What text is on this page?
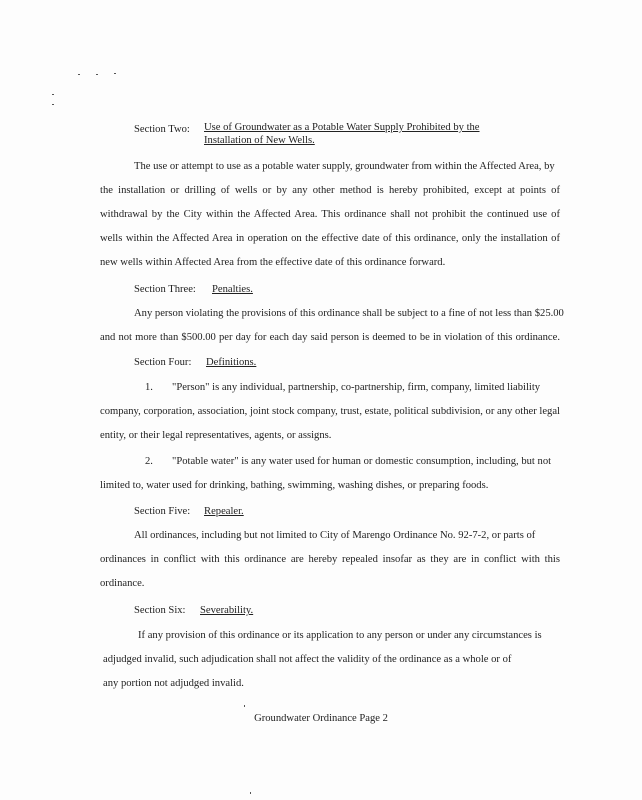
Section Two: Use of Groundwater as a Potable Water Supply Prohibited by the
Installation of New Wells.
The use or attempt to use as a potable water supply, groundwater from within the Affected Area, by
the installation or drilling of wells or by any other method is hereby prohibited, except at points of
withdrawal by the City within the Affected Area. This ordinance shall not prohibit the continued use of
wells within the Affected Area in operation on the effective date of this ordinance, only the installation of
new wells within Affected Area from the effective date of this ordinance forward.
Section Three: Penalties.
Any person violating the provisions of this ordinance shall be subject to a fine of not less than $25.00
and not more than $500.00 per day for each day said person is deemed to be in violation of this ordinance.
Section Four: Definitions.
1. "Person" is any individual, partnership, co-partnership, firm, company, limited liability
company, corporation, association, joint stock company, trust, estate, political subdivision, or any other legal
entity, or their legal representatives, agents, or assigns.
2. "Potable water" is any water used for human or domestic consumption, including, but not
limited to, water used for drinking, bathing, swimming, washing dishes, or preparing foods.
Section Five: Repealer.
All ordinances, including but not limited to City of Marengo Ordinance No. 92-7-2, or parts of
ordinances in conflict with this ordinance are hereby repealed insofar as they are in conflict with this
ordinance.
Section Six: Severability.
If any provision of this ordinance or its application to any person or under any circumstances is
adjudged invalid, such adjudication shall not affect the validity of the ordinance as a whole or of
any portion not adjudged invalid.
Groundwater Ordinance Page 2
